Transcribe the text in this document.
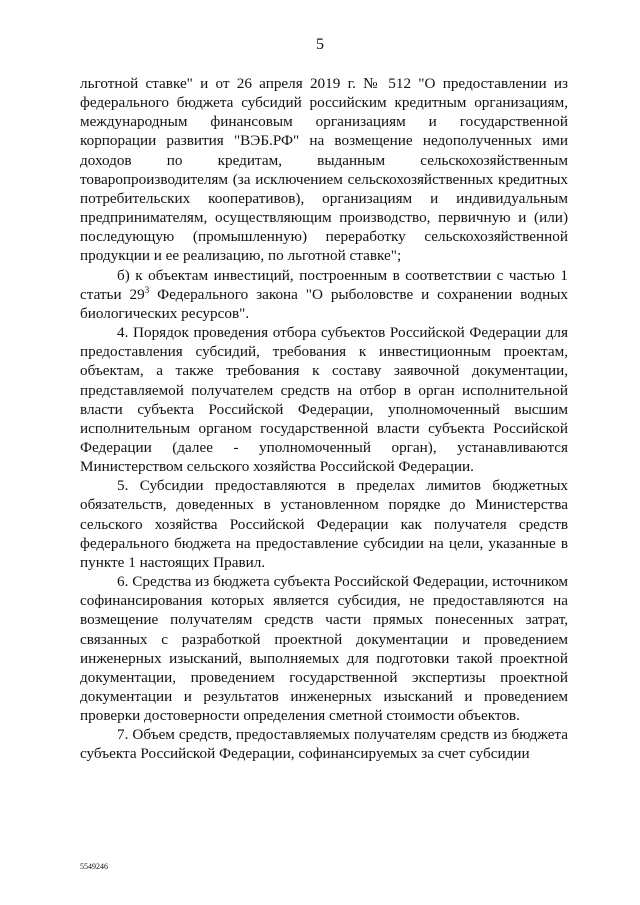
5

льготной ставке" и от 26 апреля 2019 г. № 512 "О предоставлении из федерального бюджета субсидий российским кредитным организациям, международным финансовым организациям и государственной корпорации развития "ВЭБ.РФ" на возмещение недополученных ими доходов по кредитам, выданным сельскохозяйственным товаропроизводителям (за исключением сельскохозяйственных кредитных потребительских кооперативов), организациям и индивидуальным предпринимателям, осуществляющим производство, первичную и (или) последующую (промышленную) переработку сельскохозяйственной продукции и ее реализацию, по льготной ставке";

б) к объектам инвестиций, построенным в соответствии с частью 1 статьи $29^3$ Федерального закона "О рыболовстве и сохранении водных биологических ресурсов".

4. Порядок проведения отбора субъектов Российской Федерации для предоставления субсидий, требования к инвестиционным проектам, объектам, а также требования к составу заявочной документации, представляемой получателем средств на отбор в орган исполнительной власти субъекта Российской Федерации, уполномоченный высшим исполнительным органом государственной власти субъекта Российской Федерации (далее - уполномоченный орган), устанавливаются Министерством сельского хозяйства Российской Федерации.

5. Субсидии предоставляются в пределах лимитов бюджетных обязательств, доведенных в установленном порядке до Министерства сельского хозяйства Российской Федерации как получателя средств федерального бюджета на предоставление субсидии на цели, указанные в пункте 1 настоящих Правил.

6. Средства из бюджета субъекта Российской Федерации, источником софинансирования которых является субсидия, не предоставляются на возмещение получателям средств части прямых понесенных затрат, связанных с разработкой проектной документации и проведением инженерных изысканий, выполняемых для подготовки такой проектной документации, проведением государственной экспертизы проектной документации и результатов инженерных изысканий и проведением проверки достоверности определения сметной стоимости объектов.

7. Объем средств, предоставляемых получателям средств из бюджета субъекта Российской Федерации, софинансируемых за счет субсидии

5549246
